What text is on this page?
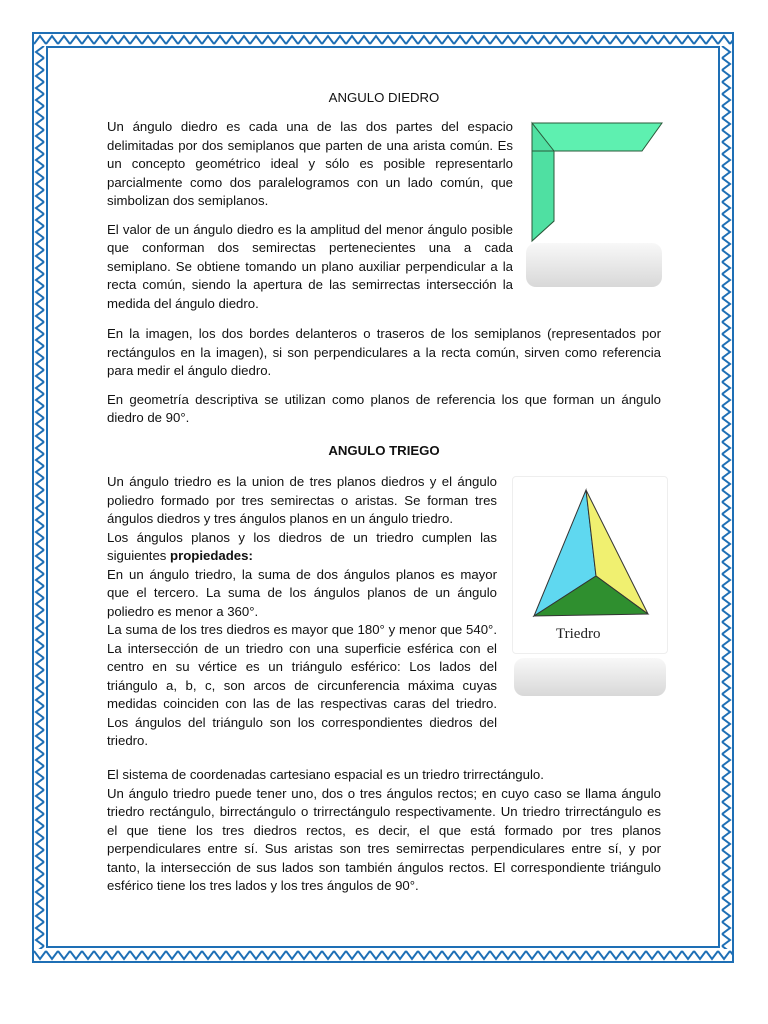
ANGULO DIEDRO

Un ángulo diedro es cada una de las dos partes del espacio delimitadas por dos semiplanos que parten de una arista común. Es un concepto geométrico ideal y sólo es posible representarlo parcialmente como dos paralelogramos con un lado común, que simbolizan dos semiplanos.

El valor de un ángulo diedro es la amplitud del menor ángulo posible que conforman dos semirectas pertenecientes una a cada semiplano. Se obtiene tomando un plano auxiliar perpendicular a la recta común, siendo la apertura de las semirrectas intersección la medida del ángulo diedro.

En la imagen, los dos bordes delanteros o traseros de los semiplanos (representados por rectángulos en la imagen), si son perpendiculares a la recta común, sirven como referencia para medir el ángulo diedro.

En geometría descriptiva se utilizan como planos de referencia los que forman un ángulo diedro de 90°.

ANGULO TRIEGO

Un ángulo triedro es la union de tres planos diedros y el ángulo poliedro formado por tres semirectas o aristas. Se forman tres ángulos diedros y tres ángulos planos en un ángulo triedro.

Los ángulos planos y los diedros de un triedro cumplen las siguientes propiedades:

En un ángulo triedro, la suma de dos ángulos planos es mayor que el tercero. La suma de los ángulos planos de un ángulo poliedro es menor a 360°.

La suma de los tres diedros es mayor que 180° y menor que 540°. La intersección de un triedro con una superficie esférica con el centro en su vértice es un triángulo esférico: Los lados del triángulo a, b, c, son arcos de circunferencia máxima cuyas medidas coinciden con las de las respectivas caras del triedro. Los ángulos del triángulo son los correspondientes diedros del triedro.

Triedro

El sistema de coordenadas cartesiano espacial es un triedro trirrectángulo.

Un ángulo triedro puede tener uno, dos o tres ángulos rectos; en cuyo caso se llama ángulo triedro rectángulo, birrectángulo o trirrectángulo respectivamente. Un triedro trirrectángulo es el que tiene los tres diedros rectos, es decir, el que está formado por tres planos perpendiculares entre sí. Sus aristas son tres semirrectas perpendiculares entre sí, y por tanto, la intersección de sus lados son también ángulos rectos. El correspondiente triángulo esférico tiene los tres lados y los tres ángulos de 90°.
